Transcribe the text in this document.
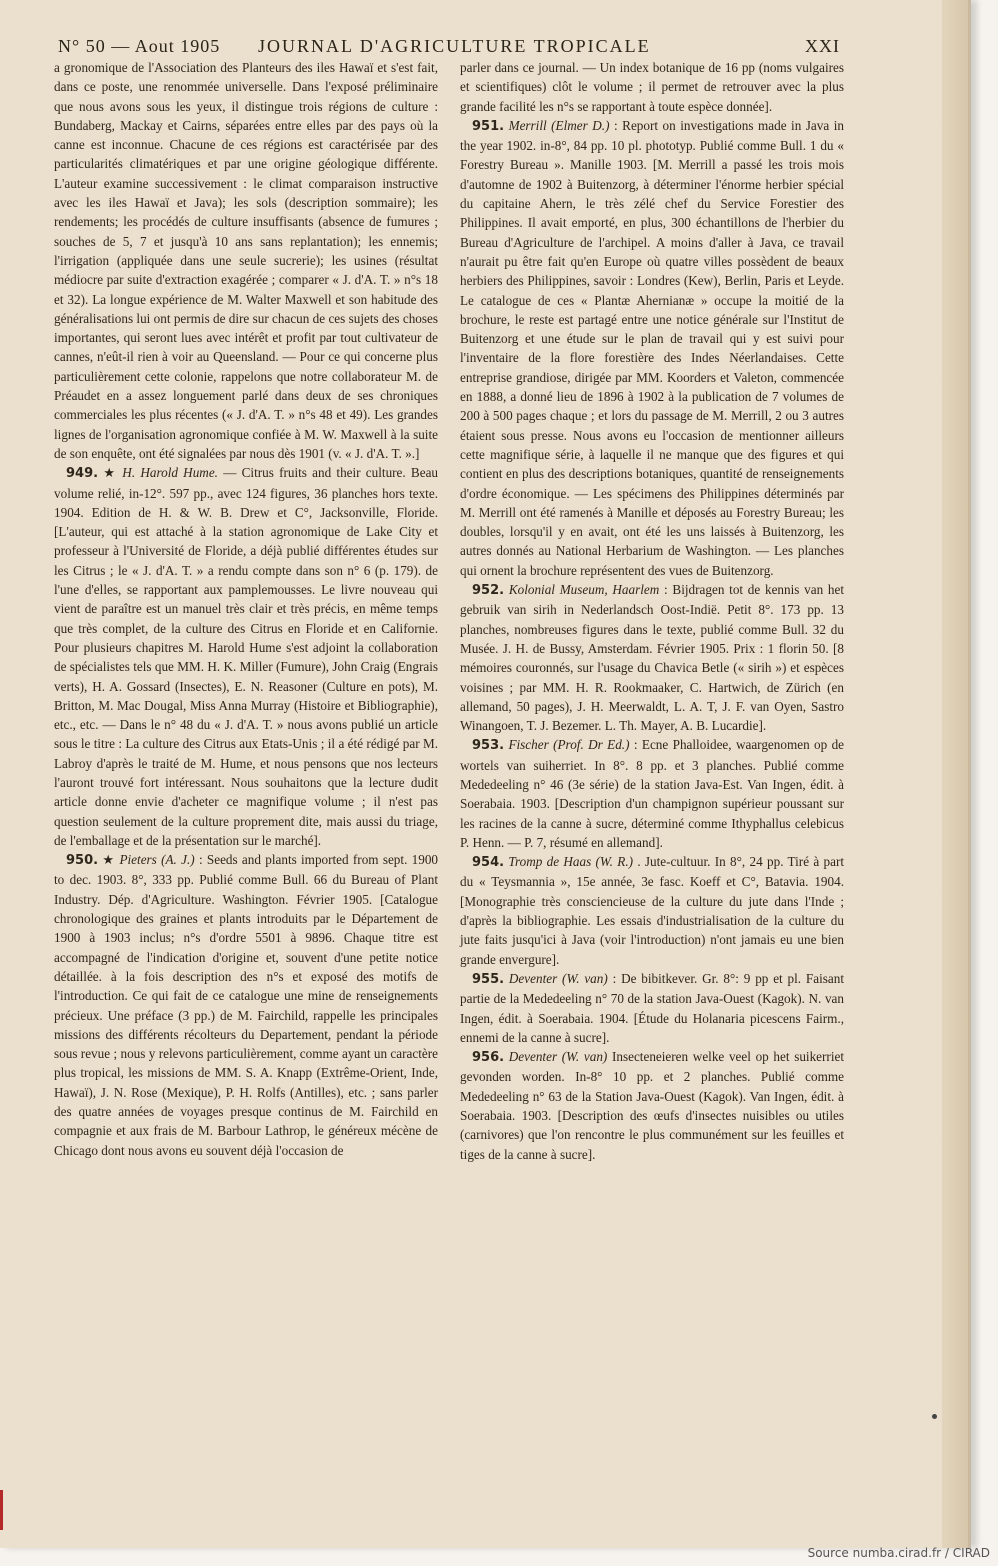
N° 50 — Aout 1905 JOURNAL D'AGRICULTURE TROPICALE	XXI

a gronomique de l'Association des Planteurs des iles Hawaï et s'est fait, dans ce poste, une renommée universelle. Dans l'exposé préliminaire que nous avons sous les yeux, il distingue trois régions de culture : Bundaberg, Mackay et Cairns, séparées entre elles par des pays où la canne est inconnue. Chacune de ces régions est caractérisée par des particularités climatériques et par une origine géologique différente. L'auteur examine successivement : le climat comparaison instructive avec les iles Hawaï et Java); les sols (description sommaire); les rendements; les procédés de culture insuffisants (absence de fumures ; souches de 5, 7 et jusqu'à 10 ans sans replantation); les ennemis; l'irrigation (appliquée dans une seule sucrerie); les usines (résultat médiocre par suite d'extraction exagérée ; comparer « J. d'A. T. » n°s 18 et 32). La longue expérience de M. Walter Maxwell et son habitude des généralisations lui ont permis de dire sur chacun de ces sujets des choses importantes, qui seront lues avec intérêt et profit par tout cultivateur de cannes, n'eût-il rien à voir au Queensland. — Pour ce qui concerne plus particulièrement cette colonie, rappelons que notre collaborateur M. de Préaudet en a assez longuement parlé dans deux de ses chroniques commerciales les plus récentes (« J. d'A. T. » n°s 48 et 49). Les grandes lignes de l'organisation agronomique confiée à M. W. Maxwell à la suite de son enquête, ont été signalées par nous dès 1901 (v. « J. d'A. T. ».]

949. ★ H. Harold Hume. — Citrus fruits and their culture. Beau volume relié, in-12°. 597 pp., avec 124 figures, 36 planches hors texte. 1904. Edition de H. & W. B. Drew et C°, Jacksonville, Floride. [L'auteur, qui est attaché à la station agronomique de Lake City et professeur à l'Université de Floride, a déjà publié différentes études sur les Citrus ; le « J. d'A. T. » a rendu compte dans son n° 6 (p. 179). de l'une d'elles, se rapportant aux pamplemousses. Le livre nouveau qui vient de paraître est un manuel très clair et très précis, en même temps que très complet, de la culture des Citrus en Floride et en Californie. Pour plusieurs chapitres M. Harold Hume s'est adjoint la collaboration de spécialistes tels que MM. H. K. Miller (Fumure), John Craig (Engrais verts), H. A. Gossard (Insectes), E. N. Reasoner (Culture en pots), M. Britton, M. Mac Dougal, Miss Anna Murray (Histoire et Bibliographie), etc., etc. — Dans le n° 48 du « J. d'A. T. » nous avons publié un article sous le titre : La culture des Citrus aux Etats-Unis ; il a été rédigé par M. Labroy d'après le traité de M. Hume, et nous pensons que nos lecteurs l'auront trouvé fort intéressant. Nous souhaitons que la lecture dudit article donne envie d'acheter ce magnifique volume ; il n'est pas question seulement de la culture proprement dite, mais aussi du triage, de l'emballage et de la présentation sur le marché].

950. ★ Pieters (A. J.) : Seeds and plants imported from sept. 1900 to dec. 1903. 8°, 333 pp. Publié comme Bull. 66 du Bureau of Plant Industry. Dép. d'Agriculture. Washington. Février 1905. [Catalogue chronologique des graines et plants introduits par le Département de 1900 à 1903 inclus; n°s d'ordre 5501 à 9896. Chaque titre est accompagné de l'indication d'origine et, souvent d'une petite notice détaillée. à la fois description des n°s et exposé des motifs de l'introduction. Ce qui fait de ce catalogue une mine de renseignements précieux. Une préface (3 pp.) de M. Fairchild, rappelle les principales missions des différents récolteurs du Departement, pendant la période sous revue ; nous y relevons particulièrement, comme ayant un caractère plus tropical, les missions de MM. S. A. Knapp (Extrême-Orient, Inde, Hawaï), J. N. Rose (Mexique), P. H. Rolfs (Antilles), etc. ; sans parler des quatre années de voyages presque continus de M. Fairchild en compagnie et aux frais de M. Barbour Lathrop, le généreux mécène de Chicago dont nous avons eu souvent déjà l'occasion de

parler dans ce journal. — Un index botanique de 16 pp (noms vulgaires et scientifiques) clôt le volume ; il permet de retrouver avec la plus grande facilité les n°s se rapportant à toute espèce donnée].

951. Merrill (Elmer D.) : Report on investigations made in Java in the year 1902. in-8°, 84 pp. 10 pl. phototyp. Publié comme Bull. 1 du « Forestry Bureau ». Manille 1903. [M. Merrill a passé les trois mois d'automne de 1902 à Buitenzorg, à déterminer l'énorme herbier spécial du capitaine Ahern, le très zélé chef du Service Forestier des Philippines. Il avait emporté, en plus, 300 échantillons de l'herbier du Bureau d'Agriculture de l'archipel. A moins d'aller à Java, ce travail n'aurait pu être fait qu'en Europe où quatre villes possèdent de beaux herbiers des Philippines, savoir : Londres (Kew), Berlin, Paris et Leyde. Le catalogue de ces « Plantæ Ahernianæ » occupe la moitié de la brochure, le reste est partagé entre une notice générale sur l'Institut de Buitenzorg et une étude sur le plan de travail qui y est suivi pour l'inventaire de la flore forestière des Indes Néerlandaises. Cette entreprise grandiose, dirigée par MM. Koorders et Valeton, commencée en 1888, a donné lieu de 1896 à 1902 à la publication de 7 volumes de 200 à 500 pages chaque ; et lors du passage de M. Merrill, 2 ou 3 autres étaient sous presse. Nous avons eu l'occasion de mentionner ailleurs cette magnifique série, à laquelle il ne manque que des figures et qui contient en plus des descriptions botaniques, quantité de renseignements d'ordre économique. — Les spécimens des Philippines déterminés par M. Merrill ont été ramenés à Manille et déposés au Forestry Bureau; les doubles, lorsqu'il y en avait, ont été les uns laissés à Buitenzorg, les autres donnés au National Herbarium de Washington. — Les planches qui ornent la brochure représentent des vues de Buitenzorg.

952. Kolonial Museum, Haarlem : Bijdragen tot de kennis van het gebruik van sirih in Nederlandsch Oost-Indië. Petit 8°. 173 pp. 13 planches, nombreuses figures dans le texte, publié comme Bull. 32 du Musée. J. H. de Bussy, Amsterdam. Février 1905. Prix : 1 florin 50. [8 mémoires couronnés, sur l'usage du Chavica Betle (« sirih ») et espèces voisines ; par MM. H. R. Rookmaaker, C. Hartwich, de Zürich (en allemand, 50 pages), J. H. Meerwaldt, L. A. T, J. F. van Oyen, Sastro Winangoen, T. J. Bezemer. L. Th. Mayer, A. B. Lucardie].

953. Fischer (Prof. Dr Ed.) : Ecne Phalloidee, waargenomen op de wortels van suiherriet. In 8°. 8 pp. et 3 planches. Publié comme Mededeeling n° 46 (3e série) de la station Java-Est. Van Ingen, édit. à Soerabaia. 1903. [Description d'un champignon supérieur poussant sur les racines de la canne à sucre, déterminé comme Ithyphallus celebicus P. Henn. — P. 7, résumé en allemand].

954. Tromp de Haas (W. R.) . Jute-cultuur. In 8°, 24 pp. Tiré à part du « Teysmannia », 15e année, 3e fasc. Koeff et C°, Batavia. 1904. [Monographie très consciencieuse de la culture du jute dans l'Inde ; d'après la bibliographie. Les essais d'industrialisation de la culture du jute faits jusqu'ici à Java (voir l'introduction) n'ont jamais eu une bien grande envergure].

955. Deventer (W. van) : De bibitkever. Gr. 8°: 9 pp et pl. Faisant partie de la Mededeeling n° 70 de la station Java-Ouest (Kagok). N. van Ingen, édit. à Soerabaia. 1904. [Étude du Holanaria picescens Fairm., ennemi de la canne à sucre].

956. Deventer (W. van) Insecteneieren welke veel op het suikerriet gevonden worden. In-8° 10 pp. et 2 planches. Publié comme Mededeeling n° 63 de la Station Java-Ouest (Kagok). Van Ingen, édit. à Soerabaia. 1903. [Description des œufs d'insectes nuisibles ou utiles (carnivores) que l'on rencontre le plus communément sur les feuilles et tiges de la canne à sucre].

Source numba.cirad.fr / CIRAD
